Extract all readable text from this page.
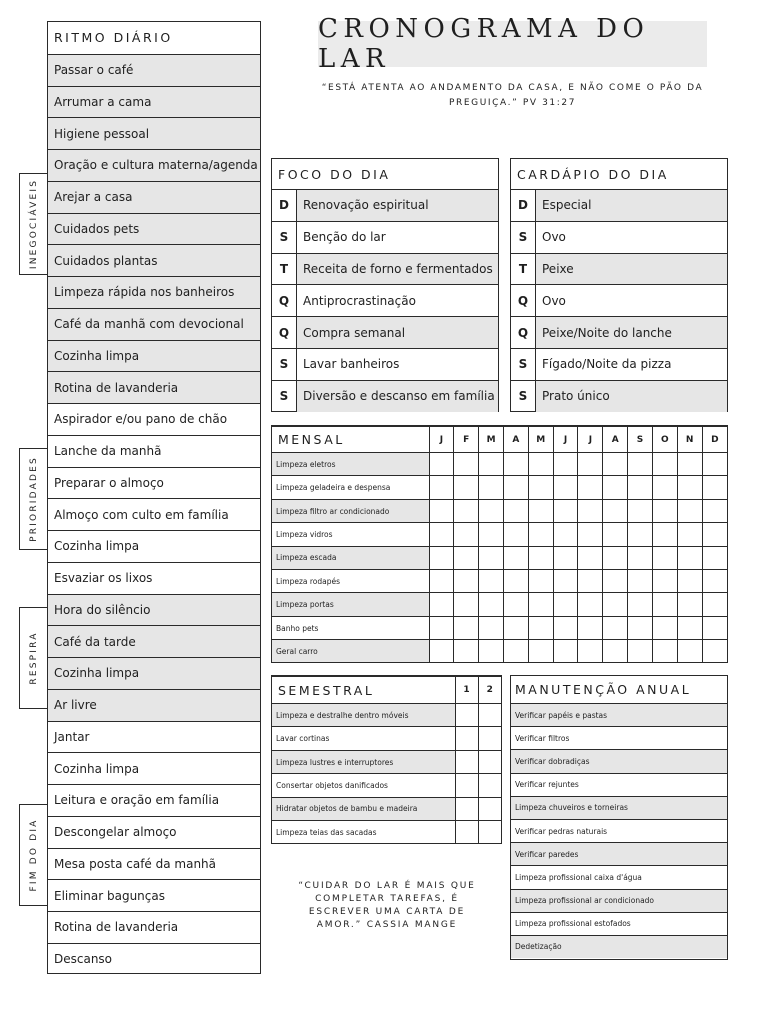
RITMO DIÁRIO
Passar o café
Arrumar a cama
Higiene pessoal
Oração e cultura materna/agenda
Arejar a casa
Cuidados pets
Cuidados plantas
Limpeza rápida nos banheiros
Café da manhã com devocional
Cozinha limpa
Rotina de lavanderia
Aspirador e/ou pano de chão
Lanche da manhã
Preparar o almoço
Almoço com culto em família
Cozinha limpa
Esvaziar os lixos
Hora do silêncio
Café da tarde
Cozinha limpa
Ar livre
Jantar
Cozinha limpa
Leitura e oração em família
Descongelar almoço
Mesa posta café da manhã
Eliminar bagunças
Rotina de lavanderia
Descanso
INEGOCIÁVEIS
PRIORIDADES
RESPIRA
FIM DO DIA
CRONOGRAMA DO LAR
“ESTÁ ATENTA AO ANDAMENTO DA CASA, E NÃO COME O PÃO DA PREGUIÇA.” PV 31:27
FOCO DO DIA
D	Renovação espiritual
S	Benção do lar
T	Receita de forno e fermentados
Q	Antiprocrastinação
Q	Compra semanal
S	Lavar banheiros
S	Diversão e descanso em família
CARDÁPIO DO DIA
D	Especial
S	Ovo
T	Peixe
Q	Ovo
Q	Peixe/Noite do lanche
S	Fígado/Noite da pizza
S	Prato único
MENSAL	J	F	M	A	M	J	J	A	S	O	N	D
Limpeza eletros												
Limpeza geladeira e despensa												
Limpeza filtro ar condicionado												
Limpeza vidros												
Limpeza escada												
Limpeza rodapés												
Limpeza portas												
Banho pets												
Geral carro												
SEMESTRAL	1	2
Limpeza e destralhe dentro móveis		
Lavar cortinas		
Limpeza lustres e interruptores		
Consertar objetos danificados		
Hidratar objetos de bambu e madeira		
Limpeza teias das sacadas		
MANUTENÇÃO ANUAL
Verificar papéis e pastas
Verificar filtros
Verificar dobradiças
Verificar rejuntes
Limpeza chuveiros e torneiras
Verificar pedras naturais
Verificar paredes
Limpeza profissional caixa d'água
Limpeza profissional ar condicionado
Limpeza profissional estofados
Dedetização
“CUIDAR DO LAR É MAIS QUE COMPLETAR TAREFAS, É ESCREVER UMA CARTA DE AMOR.” CASSIA MANGE
